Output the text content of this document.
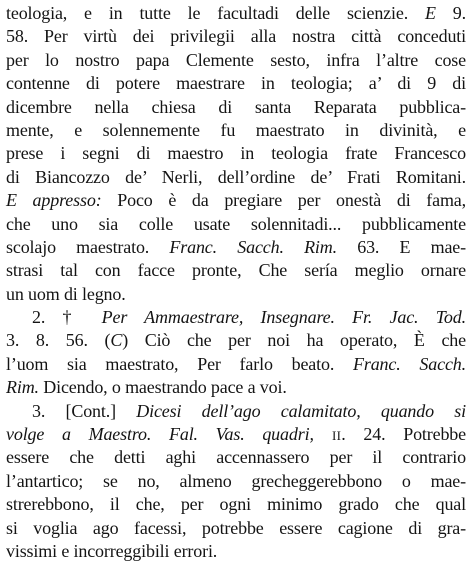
teologia, e in tutte le facultadi delle scienzie. E 9.
58. Per virtù dei privilegii alla nostra città conceduti
per lo nostro papa Clemente sesto, infra l’altre cose
contenne di potere maestrare in teologia; a’ di 9 di
dicembre nella chiesa di santa Reparata pubblica-
mente, e solennemente fu maestrato in divinità, e
prese i segni di maestro in teologia frate Francesco
di Biancozzo de’ Nerli, dell’ordine de’ Frati Romitani.
E appresso: Poco è da pregiare per onestà di fama,
che uno sia colle usate solennitadi... pubblicamente
scolajo maestrato. Franc. Sacch. Rim. 63. E mae-
strasi tal con facce pronte, Che sería meglio ornare
un uom di legno.
2. † Per Ammaestrare, Insegnare. Fr. Jac. Tod.
3. 8. 56. (C) Ciò che per noi ha operato, È che
l’uom sia maestrato, Per farlo beato. Franc. Sacch.
Rim. Dicendo, o maestrando pace a voi.
3. [Cont.] Dicesi dell’ago calamitato, quando si
volge a Maestro. Fal. Vas. quadri, ii. 24. Potrebbe
essere che detti aghi accennassero per il contrario
l’antartico; se no, almeno grecheggerebbono o mae-
strerebbono, il che, per ogni minimo grado che qual
si voglia ago facessi, potrebbe essere cagione di gra-
vissimi e incorreggibili errori.
